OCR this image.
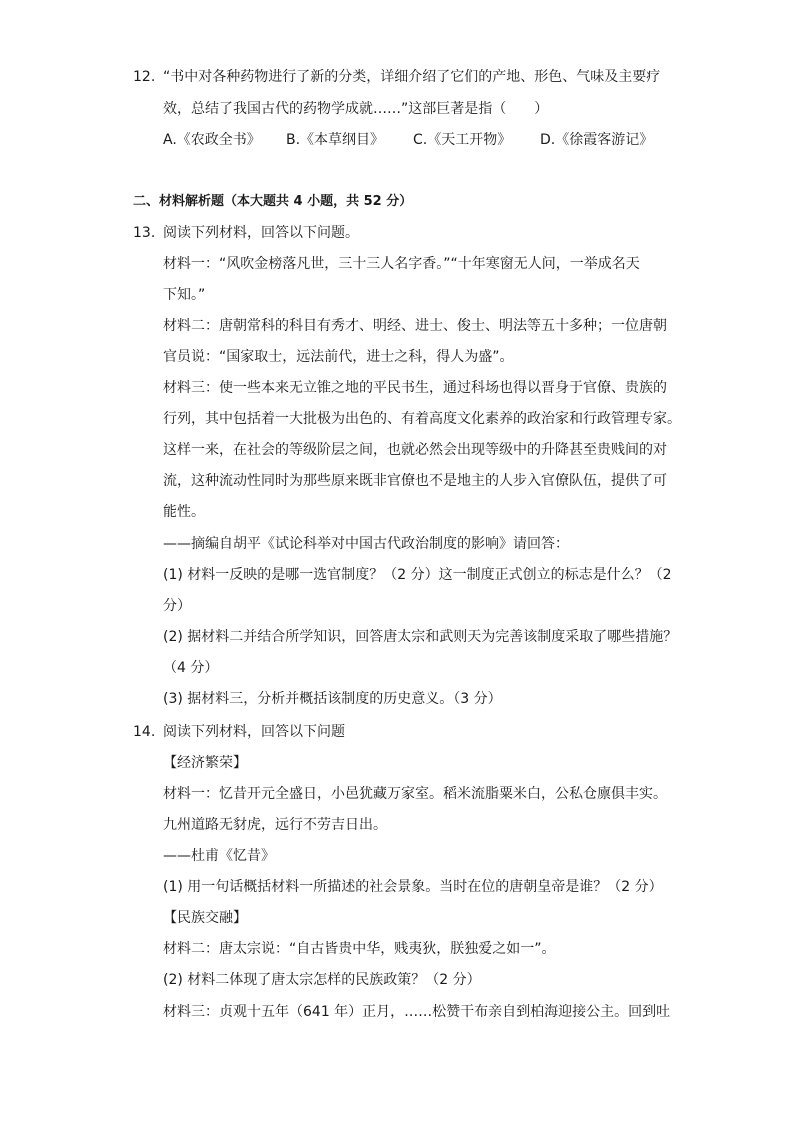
12. “书中对各种药物进行了新的分类，详细介绍了它们的产地、形色、气味及主要疗
效，总结了我国古代的药物学成就……”这部巨著是指（　　）
A.《农政全书》 B.《本草纲目》 C.《天工开物》 D.《徐霞客游记》
二、材料解析题（本大题共 4 小题，共 52 分）
13. 阅读下列材料，回答以下问题。
材料一：“风吹金榜落凡世，三十三人名字香。”“十年寒窗无人问，一举成名天
下知。”
材料二：唐朝常科的科目有秀才、明经、进士、俊士、明法等五十多种；一位唐朝
官员说：“国家取士，远法前代，进士之科，得人为盛”。
材料三：使一些本来无立锥之地的平民书生，通过科场也得以晋身于官僚、贵族的
行列，其中包括着一大批极为出色的、有着高度文化素养的政治家和行政管理专家。
这样一来，在社会的等级阶层之间，也就必然会出现等级中的升降甚至贵贱间的对
流，这种流动性同时为那些原来既非官僚也不是地主的人步入官僚队伍，提供了可
能性。
——摘编自胡平《试论科举对中国古代政治制度的影响》请回答：
(1) 材料一反映的是哪一选官制度？（2 分）这一制度正式创立的标志是什么？（2
分）
(2) 据材料二并结合所学知识，回答唐太宗和武则天为完善该制度采取了哪些措施？
（4 分）
(3) 据材料三，分析并概括该制度的历史意义。（3 分）
14. 阅读下列材料，回答以下问题
【经济繁荣】
材料一：忆昔开元全盛日，小邑犹藏万家室。稻米流脂粟米白，公私仓廪俱丰实。
九州道路无豺虎，远行不劳吉日出。
——杜甫《忆昔》
(1) 用一句话概括材料一所描述的社会景象。当时在位的唐朝皇帝是谁？（2 分）
【民族交融】
材料二：唐太宗说：“自古皆贵中华，贱夷狄，朕独爱之如一”。
(2) 材料二体现了唐太宗怎样的民族政策？（2 分）
材料三：贞观十五年（641 年）正月，……松赞干布亲自到柏海迎接公主。回到吐
